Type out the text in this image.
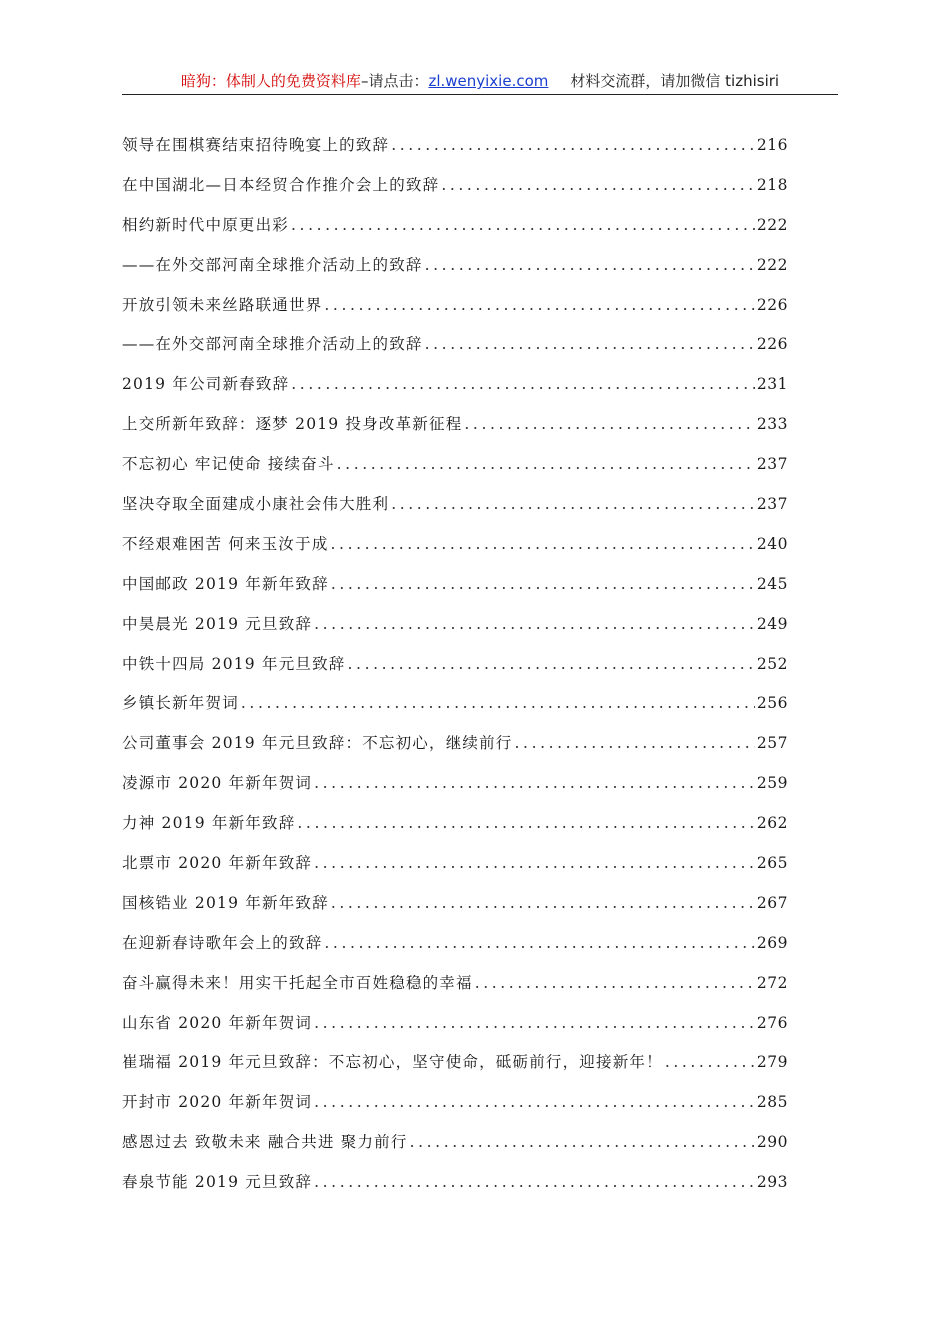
暗狗：体制人的免费资料库–请点击：zl.wenyixie.com 材料交流群，请加微信 tizhisiri
领导在围棋赛结束招待晚宴上的致辞 .....	216
在中国湖北—日本经贸合作推介会上的致辞 .....	218
相约新时代中原更出彩 .....	222
——在外交部河南全球推介活动上的致辞 .....	222
开放引领未来丝路联通世界 .....	226
——在外交部河南全球推介活动上的致辞 .....	226
2019 年公司新春致辞 .....	231
上交所新年致辞：逐梦 2019 投身改革新征程 .....	233
不忘初心 牢记使命 接续奋斗 .....	237
坚决夺取全面建成小康社会伟大胜利 .....	237
不经艰难困苦 何来玉汝于成 .....	240
中国邮政 2019 年新年致辞 .....	245
中昊晨光 2019 元旦致辞 .....	249
中铁十四局 2019 年元旦致辞 .....	252
乡镇长新年贺词 .....	256
公司董事会 2019 年元旦致辞：不忘初心，继续前行 .....	257
凌源市 2020 年新年贺词 .....	259
力神 2019 年新年致辞 .....	262
北票市 2020 年新年致辞 .....	265
国核锆业 2019 年新年致辞 .....	267
在迎新春诗歌年会上的致辞 .....	269
奋斗赢得未来！用实干托起全市百姓稳稳的幸福 .....	272
山东省 2020 年新年贺词 .....	276
崔瑞福 2019 年元旦致辞：不忘初心，坚守使命，砥砺前行，迎接新年！ .....	279
开封市 2020 年新年贺词 .....	285
感恩过去 致敬未来 融合共进 聚力前行 .....	290
春泉节能 2019 元旦致辞 .....	293
